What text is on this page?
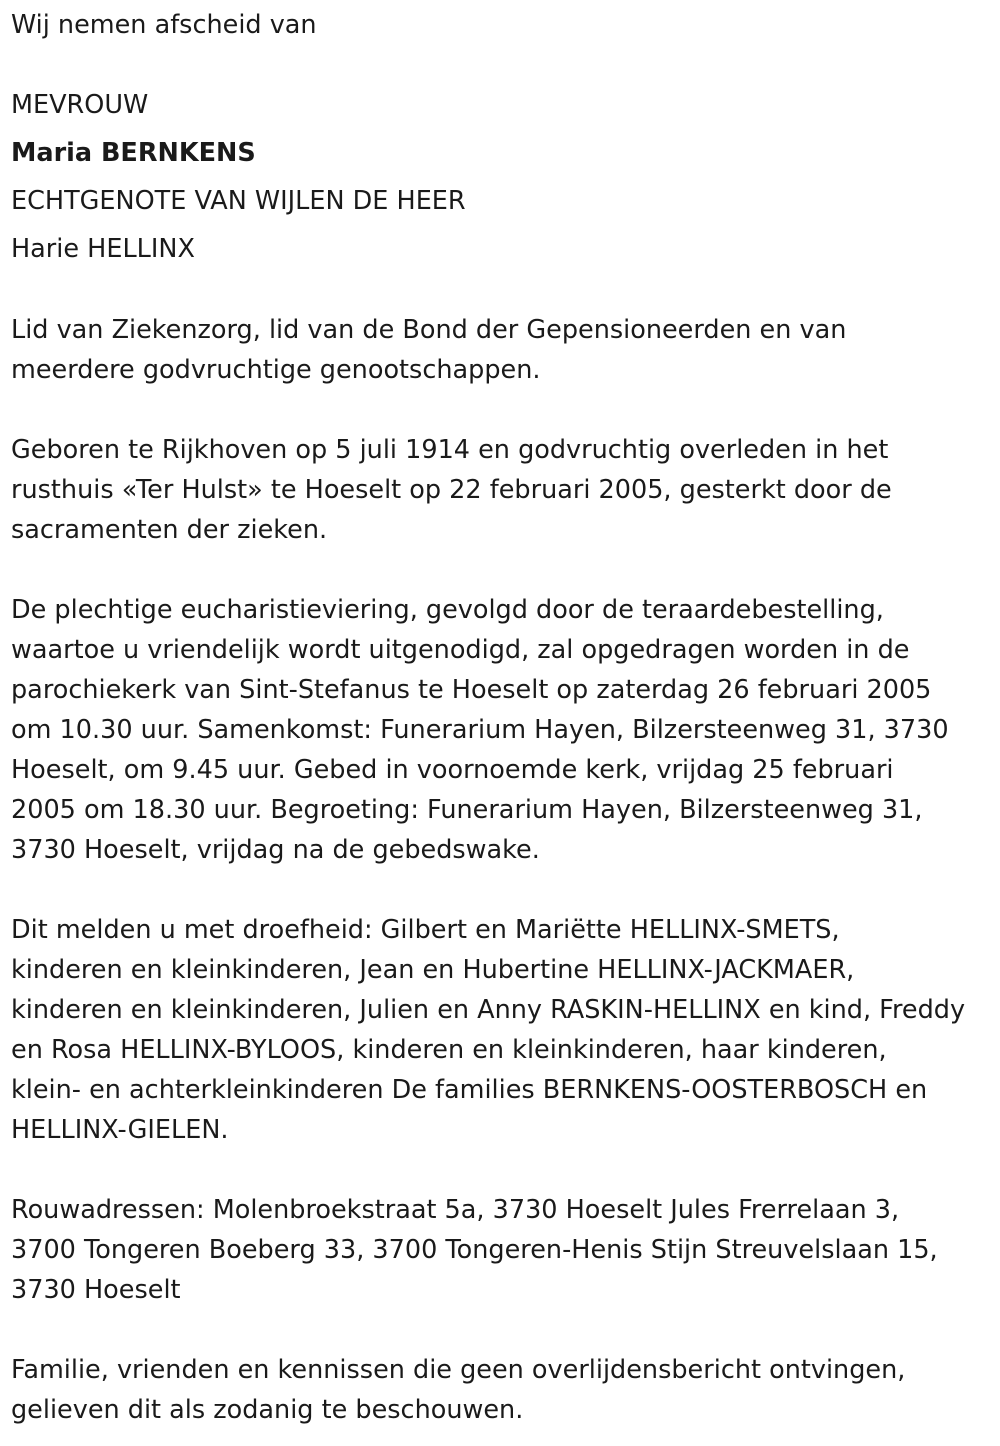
Wij nemen afscheid van
MEVROUW
Maria BERNKENS
ECHTGENOTE VAN WIJLEN DE HEER
Harie HELLINX
Lid van Ziekenzorg, lid van de Bond der Gepensioneerden en van
meerdere godvruchtige genootschappen.
Geboren te Rijkhoven op 5 juli 1914 en godvruchtig overleden in het
rusthuis «Ter Hulst» te Hoeselt op 22 februari 2005, gesterkt door de
sacramenten der zieken.
De plechtige eucharistieviering, gevolgd door de teraardebestelling,
waartoe u vriendelijk wordt uitgenodigd, zal opgedragen worden in de
parochiekerk van Sint-Stefanus te Hoeselt op zaterdag 26 februari 2005
om 10.30 uur. Samenkomst: Funerarium Hayen, Bilzersteenweg 31, 3730
Hoeselt, om 9.45 uur. Gebed in voornoemde kerk, vrijdag 25 februari
2005 om 18.30 uur. Begroeting: Funerarium Hayen, Bilzersteenweg 31,
3730 Hoeselt, vrijdag na de gebedswake.
Dit melden u met droefheid: Gilbert en Mariëtte HELLINX-SMETS,
kinderen en kleinkinderen, Jean en Hubertine HELLINX-JACKMAER,
kinderen en kleinkinderen, Julien en Anny RASKIN-HELLINX en kind, Freddy
en Rosa HELLINX-BYLOOS, kinderen en kleinkinderen, haar kinderen,
klein- en achterkleinkinderen De families BERNKENS-OOSTERBOSCH en
HELLINX-GIELEN.
Rouwadressen: Molenbroekstraat 5a, 3730 Hoeselt Jules Frerrelaan 3,
3700 Tongeren Boeberg 33, 3700 Tongeren-Henis Stijn Streuvelslaan 15,
3730 Hoeselt
Familie, vrienden en kennissen die geen overlijdensbericht ontvingen,
gelieven dit als zodanig te beschouwen.
